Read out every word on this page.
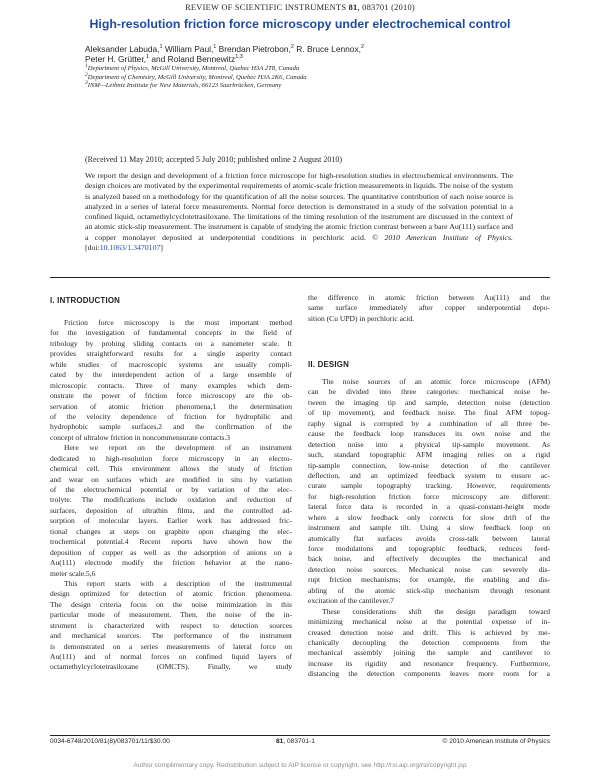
REVIEW OF SCIENTIFIC INSTRUMENTS 81, 083701 (2010)
High-resolution friction force microscopy under electrochemical control
Aleksander Labuda,$^1$ William Paul,$^1$ Brendan Pietrobon,$^2$ R. Bruce Lennox,$^2$
Peter H. Grütter,$^1$ and Roland Bennewitz$^{1,3}$
$^1$Department of Physics, McGill University, Montreal, Quebec H3A 2T8, Canada
$^2$Department of Chemistry, McGill University, Montreal, Quebec H3A 2K6, Canada
$^3$INM—Leibniz Institute for New Materials, 66123 Saarbrücken, Germany
(Received 11 May 2010; accepted 5 July 2010; published online 2 August 2010)
We report the design and development of a friction force microscope for high-resolution studies in electrochemical environments. The design choices are motivated by the experimental requirements of atomic-scale friction measurements in liquids. The noise of the system is analyzed based on a methodology for the quantification of all the noise sources. The quantitative contribution of each noise source is analyzed in a series of lateral force measurements. Normal force detection is demonstrated in a study of the solvation potential in a confined liquid, octamethylcyclotetrasiloxane. The limitations of the timing resolution of the instrument are discussed in the context of an atomic stick-slip measurement. The instrument is capable of studying the atomic friction contrast between a bare Au(111) surface and a copper monolayer deposited at underpotential conditions in perchloric acid. © 2010 American Institute of Physics. [doi:10.1063/1.3470107]
I. INTRODUCTION
Friction force microscopy is the most important method
for the investigation of fundamental concepts in the field of
tribology by probing sliding contacts on a nanometer scale. It
provides straightforward results for a single asperity contact
while studies of macroscopic systems are usually compli-
cated by the interdependent action of a large ensemble of
microscopic contacts. Three of many examples which dem-
onstrate the power of friction force microscopy are the ob-
servation of atomic friction phenomena,1 the determination
of the velocity dependence of friction for hydrophilic and
hydrophobic sample surfaces,2 and the confirmation of the
concept of ultralow friction in noncommensurate contacts.3
Here we report on the development of an instrument
dedicated to high-resolution force microscopy in an electro-
chemical cell. This environment allows the study of friction
and wear on surfaces which are modified in situ by variation
of the electrochemical potential or by variation of the elec-
trolyte. The modifications include oxidation and reduction of
surfaces, deposition of ultrathin films, and the controlled ad-
sorption of molecular layers. Earlier work has addressed fric-
tional changes at steps on graphite upon changing the elec-
trochemical potential.4 Recent reports have shown how the
deposition of copper as well as the adsorption of anions on a
Au(111) electrode modify the friction behavior at the nano-
meter scale.5,6
This report starts with a description of the instrumental
design optimized for detection of atomic friction phenomena.
The design criteria focus on the noise minimization in this
particular mode of measurement. Then, the noise of the in-
strument is characterized with respect to detection sources
and mechanical sources. The performance of the instrument
is demonstrated on a series measurements of lateral force on
Au(111) and of normal forces on confined liquid layers of
octamethylcyclotetrasiloxane (OMCTS). Finally, we study
the difference in atomic friction between Au(111) and the
same surface immediately after copper underpotential depo-
sition (Cu UPD) in perchloric acid.
II. DESIGN
The noise sources of an atomic force microscope (AFM)
can be divided into three categories: mechanical noise be-
tween the imaging tip and sample, detection noise (detection
of tip movement), and feedback noise. The final AFM topog-
raphy signal is corrupted by a combination of all three be-
cause the feedback loop transduces its own noise and the
detection noise into a physical tip-sample movement. As
such, standard topographic AFM imaging relies on a rigid
tip-sample connection, low-noise detection of the cantilever
deflection, and an optimized feedback system to ensure ac-
curate sample topography tracking. However, requirements
for high-resolution friction force microscopy are different:
lateral force data is recorded in a quasi-constant-height mode
where a slow feedback only corrects for slow drift of the
instrument and sample tilt. Using a slow feedback loop on
atomically flat surfaces avoids cross-talk between lateral
force modulations and topographic feedback, reduces feed-
back noise, and effectively decouples the mechanical and
detection noise sources. Mechanical noise can severely dis-
rupt friction mechanisms; for example, the enabling and dis-
abling of the atomic stick-slip mechanism through resonant
excitation of the cantilever.7
These considerations shift the design paradigm toward
minimizing mechanical noise at the potential expense of in-
creased detection noise and drift. This is achieved by me-
chanically decoupling the detection components from the
mechanical assembly joining the sample and cantilever to
increase its rigidity and resonance frequency. Furthermore,
distancing the detection components leaves more room for a
0034-6748/2010/81(8)/083701/11/$30.00	81, 083701-1	© 2010 American Institute of Physics
Author complimentary copy. Redistribution subject to AIP license or copyright, see http://rsi.aip.org/rsi/copyright.jsp
